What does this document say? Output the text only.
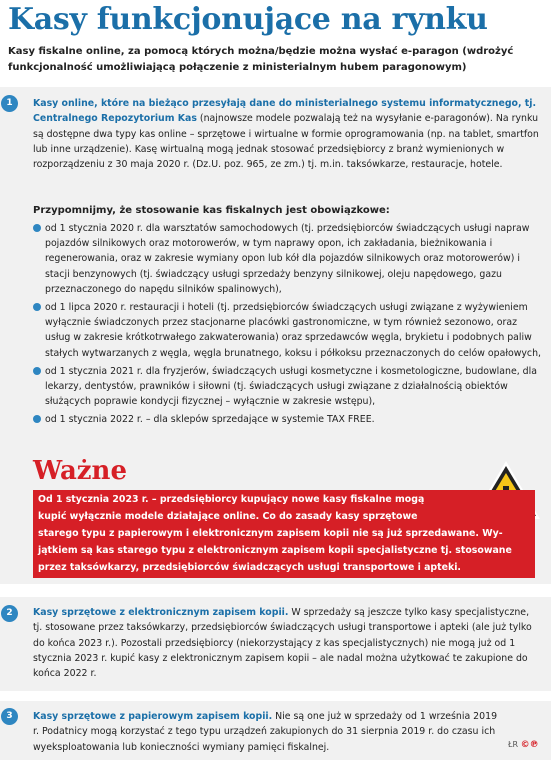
Kasy funkcjonujące na rynku

Kasy fiskalne online, za pomocą których można/będzie można wysłać e-paragon (wdrożyć funkcjonalność umożliwiającą połączenie z ministerialnym hubem paragonowym)

1	Kasy online, które na bieżąco przesyłają dane do ministerialnego systemu informatycznego, tj. Centralnego Repozytorium Kas (najnowsze modele pozwalają też na wysyłanie e-paragonów). Na rynku są dostępne dwa typy kas online – sprzętowe i wirtualne w formie oprogramowania (np. na tablet, smartfon lub inne urządzenie). Kasę wirtualną mogą jednak stosować przedsiębiorcy z branż wymienionych w rozporządzeniu z 30 maja 2020 r. (Dz.U. poz. 965, ze zm.) tj. m.in. taksówkarze, restauracje, hotele.

Przypomnijmy, że stosowanie kas fiskalnych jest obowiązkowe:

od 1 stycznia 2020 r. dla warsztatów samochodowych (tj. przedsiębiorców świadczących usługi napraw pojazdów silnikowych oraz motorowerów, w tym naprawy opon, ich zakładania, bieżnikowania i regenerowania, oraz w zakresie wymiany opon lub kół dla pojazdów silnikowych oraz motorowerów) i stacji benzynowych (tj. świadczący usługi sprzedaży benzyny silnikowej, oleju napędowego, gazu przeznaczonego do napędu silników spalinowych),
od 1 lipca 2020 r. restauracji i hoteli (tj. przedsiębiorców świadczących usługi związane z wyżywieniem wyłącznie świadczonych przez stacjonarne placówki gastronomiczne, w tym również sezonowo, oraz usług w zakresie krótkotrwałego zakwaterowania) oraz sprzedawców węgla, brykietu i podobnych paliw stałych wytwarzanych z węgla, węgla brunatnego, koksu i półkoksu przeznaczonych do celów opałowych,
od 1 stycznia 2021 r. dla fryzjerów, świadczących usługi kosmetyczne i kosmetologiczne, budowlane, dla lekarzy, dentystów, prawników i siłowni (tj. świadczących usługi związane z działalnością obiektów służących poprawie kondycji fizycznej – wyłącznie w zakresie wstępu),
od 1 stycznia 2022 r. – dla sklepów sprzedające w systemie TAX FREE.
Ważne

Od 1 stycznia 2023 r. – przedsiębiorcy kupujący nowe kasy fiskalne mogą

kupić wyłącznie modele działające online. Co do zasady kasy sprzętowe

starego typu z papierowym i elektronicznym zapisem kopii nie są już sprzedawane. Wy-

jątkiem są kas starego typu z elektronicznym zapisem kopii specjalistyczne tj. stosowane

przez taksówkarzy, przedsiębiorców świadczących usługi transportowe i apteki.

2	Kasy sprzętowe z elektronicznym zapisem kopii. W sprzedaży są jeszcze tylko kasy specjalistyczne, tj. stosowane przez taksówkarzy, przedsiębiorców świadczących usługi transportowe i apteki (ale już tylko do końca 2023 r.). Pozostali przedsiębiorcy (niekorzystający z kas specjalistycznych) nie mogą już od 1 stycznia 2023 r. kupić kasy z elektronicznym zapisem kopii – ale nadal można użytkować te zakupione do końca 2022 r.

3	Kasy sprzętowe z papierowym zapisem kopii. Nie są one już w sprzedaży od 1 września 2019 r. Podatnicy mogą korzystać z tego typu urządzeń zakupionych do 31 sierpnia 2019 r. do czasu ich wyeksploatowania lub konieczności wymiany pamięci fiskalnej.	ŁR ©℗
